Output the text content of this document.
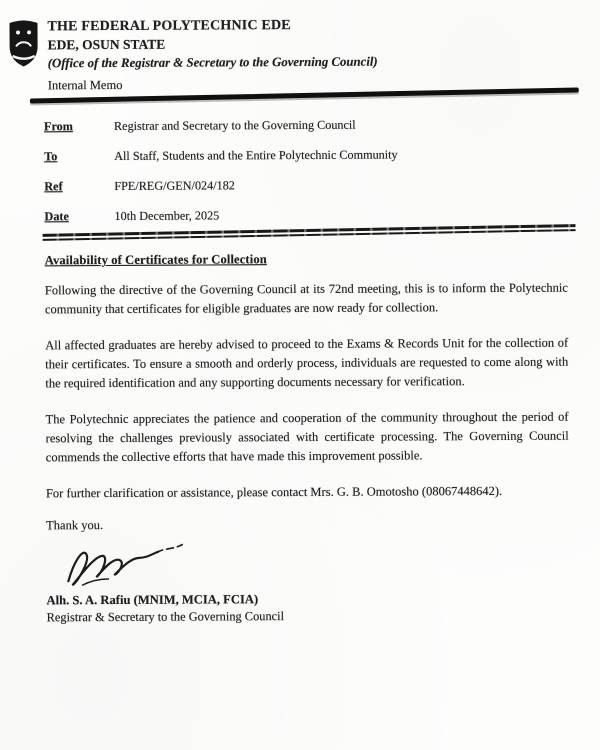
THE FEDERAL POLYTECHNIC EDE
EDE, OSUN STATE
(Office of the Registrar & Secretary to the Governing Council)
Internal Memo
From	Registrar and Secretary to the Governing Council
To	All Staff, Students and the Entire Polytechnic Community
Ref	FPE/REG/GEN/024/182
Date	10th December, 2025
Availability of Certificates for Collection

Following the directive of the Governing Council at its 72nd meeting, this is to inform the Polytechnic community that certificates for eligible graduates are now ready for collection.

All affected graduates are hereby advised to proceed to the Exams & Records Unit for the collection of their certificates. To ensure a smooth and orderly process, individuals are requested to come along with the required identification and any supporting documents necessary for verification.

The Polytechnic appreciates the patience and cooperation of the community throughout the period of resolving the challenges previously associated with certificate processing. The Governing Council commends the collective efforts that have made this improvement possible.

For further clarification or assistance, please contact Mrs. G. B. Omotosho (08067448642).

Thank you.

Alh. S. A. Rafiu (MNIM, MCIA, FCIA)
Registrar & Secretary to the Governing Council
